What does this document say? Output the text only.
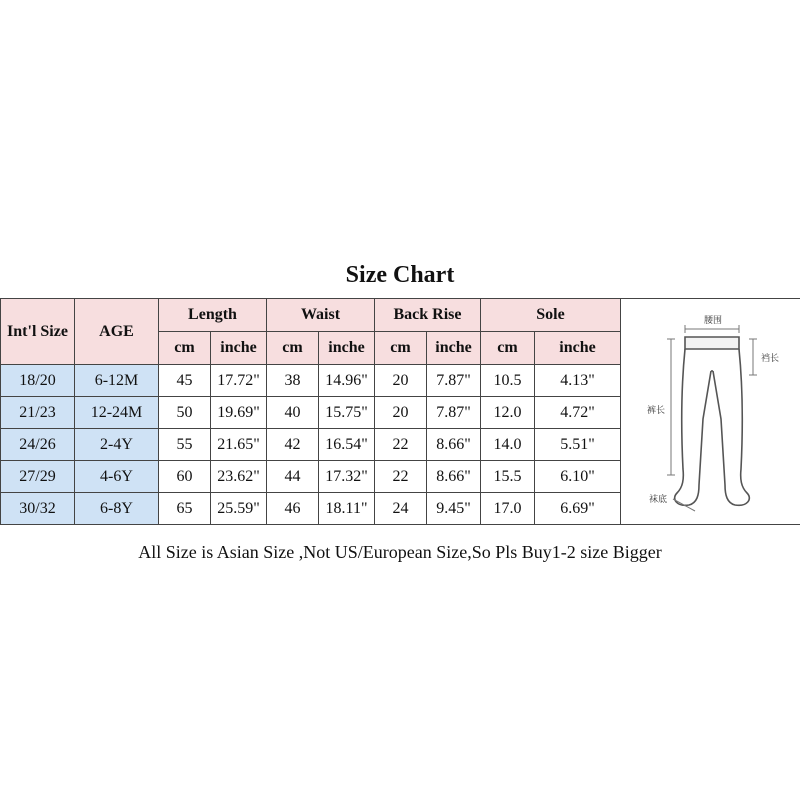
Size Chart
Int'l Size	AGE	Length		Waist		Back Rise		Sole		腰围
裆长
裤长
袜底

		cm	inche	cm	inche	cm	inche	cm	inche	
18/20	6-12M	45	17.72"	38	14.96"	20	7.87"	10.5	4.13"	
21/23	12-24M	50	19.69"	40	15.75"	20	7.87"	12.0	4.72"	
24/26	2-4Y	55	21.65"	42	16.54"	22	8.66"	14.0	5.51"	
27/29	4-6Y	60	23.62"	44	17.32"	22	8.66"	15.5	6.10"	
30/32	6-8Y	65	25.59"	46	18.11"	24	9.45"	17.0	6.69"	
All Size is Asian Size ,Not US/European Size,So Pls Buy1-2 size Bigger
